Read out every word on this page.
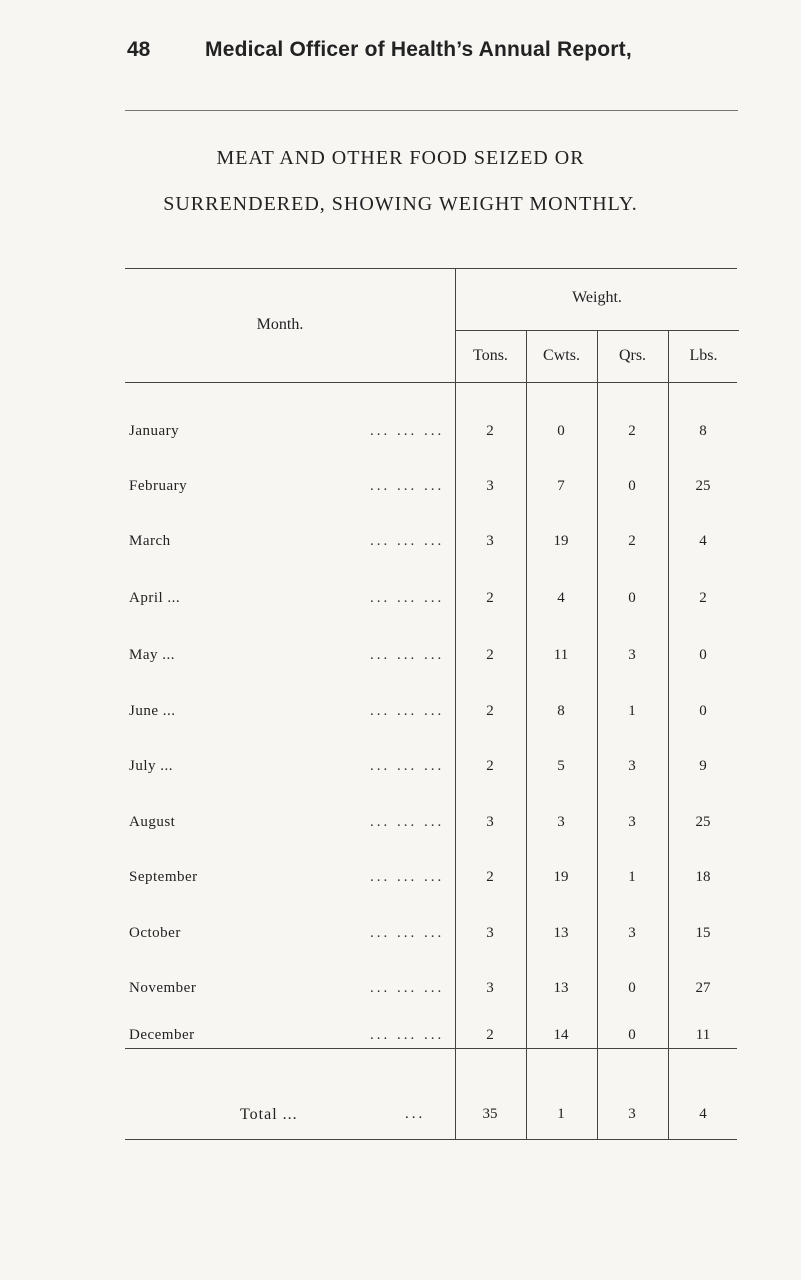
48	Medical Officer of Health’s Annual Report,
MEAT AND OTHER FOOD SEIZED OR
SURRENDERED, SHOWING WEIGHT MONTHLY.
Month.
Weight.
Tons.	Cwts.	Qrs.	Lbs.
January	... ... ...	2	0	2	8
February	... ... ...	3	7	0	25
March	... ... ...	3	19	2	4
April ...	... ... ...	2	4	0	2
May ...	... ... ...	2	11	3	0
June ...	... ... ...	2	8	1	0
July ...	... ... ...	2	5	3	9
August	... ... ...	3	3	3	25
September	... ... ...	2	19	1	18
October	... ... ...	3	13	3	15
November	... ... ...	3	13	0	27
December	... ... ...	2	14	0	11
Total ...	...	35	1	3	4
